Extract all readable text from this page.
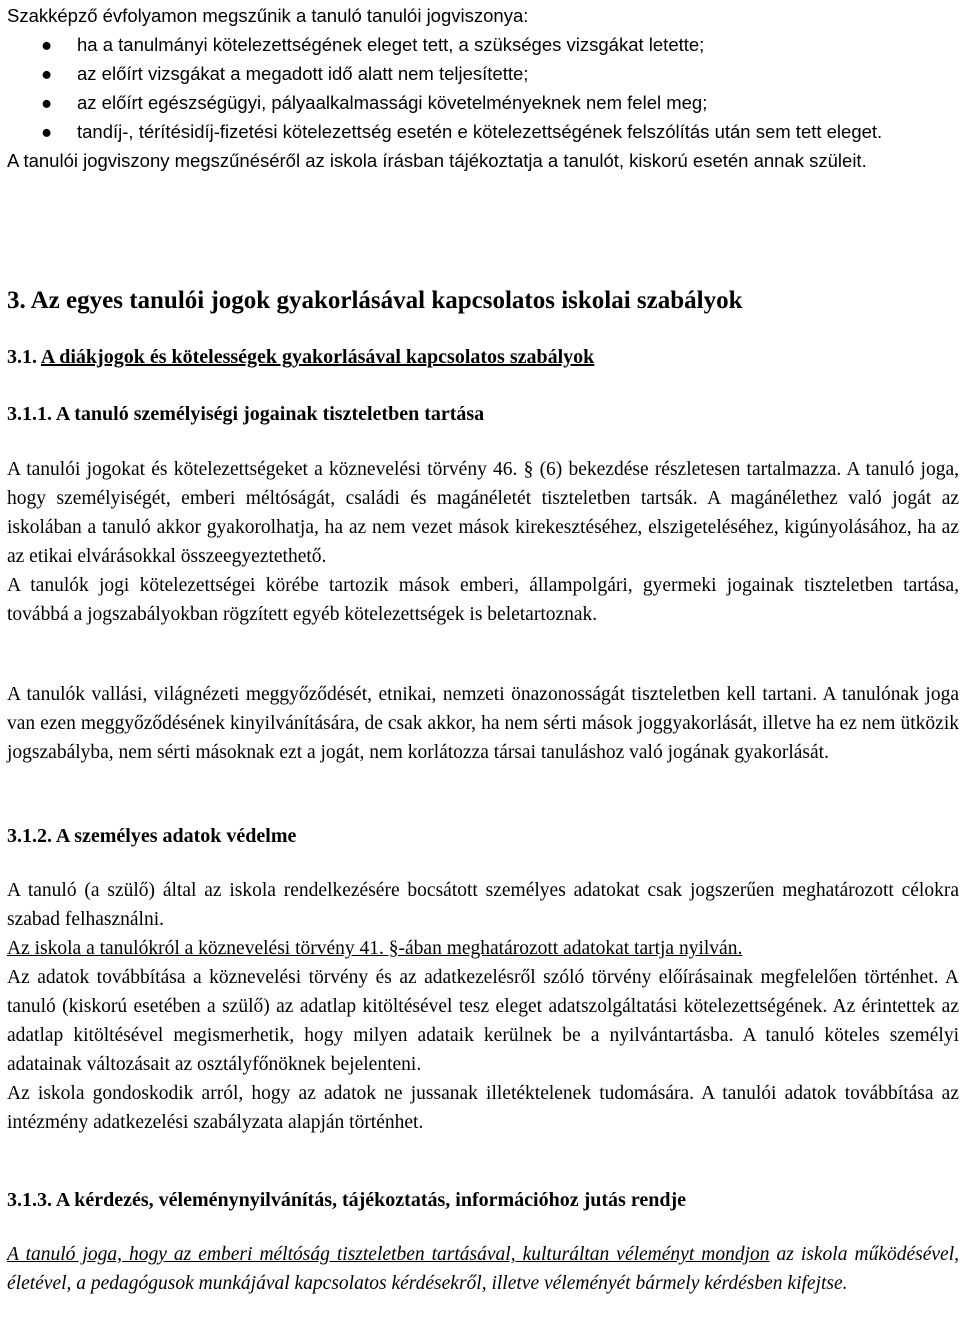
Szakképző évfolyamon megszűnik a tanuló tanulói jogviszonya:

● ha a tanulmányi kötelezettségének eleget tett, a szükséges vizsgákat letette;
● az előírt vizsgákat a megadott idő alatt nem teljesítette;
● az előírt egészségügyi, pályaalkalmassági követelményeknek nem felel meg;
● tandíj-, térítésidíj-fizetési kötelezettség esetén e kötelezettségének felszólítás után sem tett eleget.

A tanulói jogviszony megszűnéséről az iskola írásban tájékoztatja a tanulót, kiskorú esetén annak szüleit.

3. Az egyes tanulói jogok gyakorlásával kapcsolatos iskolai szabályok
3.1. A diákjogok és kötelességek gyakorlásával kapcsolatos szabályok
3.1.1. A tanuló személyiségi jogainak tiszteletben tartása

A tanulói jogokat és kötelezettségeket a köznevelési törvény 46. § (6) bekezdése részletesen tartalmazza. A tanuló joga, hogy személyiségét, emberi méltóságát, családi és magánéletét tiszteletben tartsák. A magánélethez való jogát az iskolában a tanuló akkor gyakorolhatja, ha az nem vezet mások kirekesztéséhez, elszigeteléséhez, kigúnyolásához, ha az az etikai elvárásokkal összeegyeztethető.

A tanulók jogi kötelezettségei körébe tartozik mások emberi, állampolgári, gyermeki jogainak tiszteletben tartása, továbbá a jogszabályokban rögzített egyéb kötelezettségek is beletartoznak.

A tanulók vallási, világnézeti meggyőződését, etnikai, nemzeti önazonosságát tiszteletben kell tartani. A tanulónak joga van ezen meggyőződésének kinyilvánítására, de csak akkor, ha nem sérti mások joggyakorlását, illetve ha ez nem ütközik jogszabályba, nem sérti másoknak ezt a jogát, nem korlátozza társai tanuláshoz való jogának gyakorlását.

3.1.2. A személyes adatok védelme

A tanuló (a szülő) által az iskola rendelkezésére bocsátott személyes adatokat csak jogszerűen meghatározott célokra szabad felhasználni.

Az iskola a tanulókról a köznevelési törvény 41. §-ában meghatározott adatokat tartja nyilván.

Az adatok továbbítása a köznevelési törvény és az adatkezelésről szóló törvény előírásainak megfelelően történhet. A tanuló (kiskorú esetében a szülő) az adatlap kitöltésével tesz eleget adatszolgáltatási kötelezettségének. Az érintettek az adatlap kitöltésével megismerhetik, hogy milyen adataik kerülnek be a nyilvántartásba. A tanuló köteles személyi adatainak változásait az osztályfőnöknek bejelenteni.

Az iskola gondoskodik arról, hogy az adatok ne jussanak illetéktelenek tudomására. A tanulói adatok továbbítása az intézmény adatkezelési szabályzata alapján történhet.

3.1.3. A kérdezés, véleménynyilvánítás, tájékoztatás, információhoz jutás rendje

A tanuló joga, hogy az emberi méltóság tiszteletben tartásával, kulturáltan véleményt mondjon az iskola működésével, életével, a pedagógusok munkájával kapcsolatos kérdésekről, illetve véleményét bármely kérdésben kifejtse.
